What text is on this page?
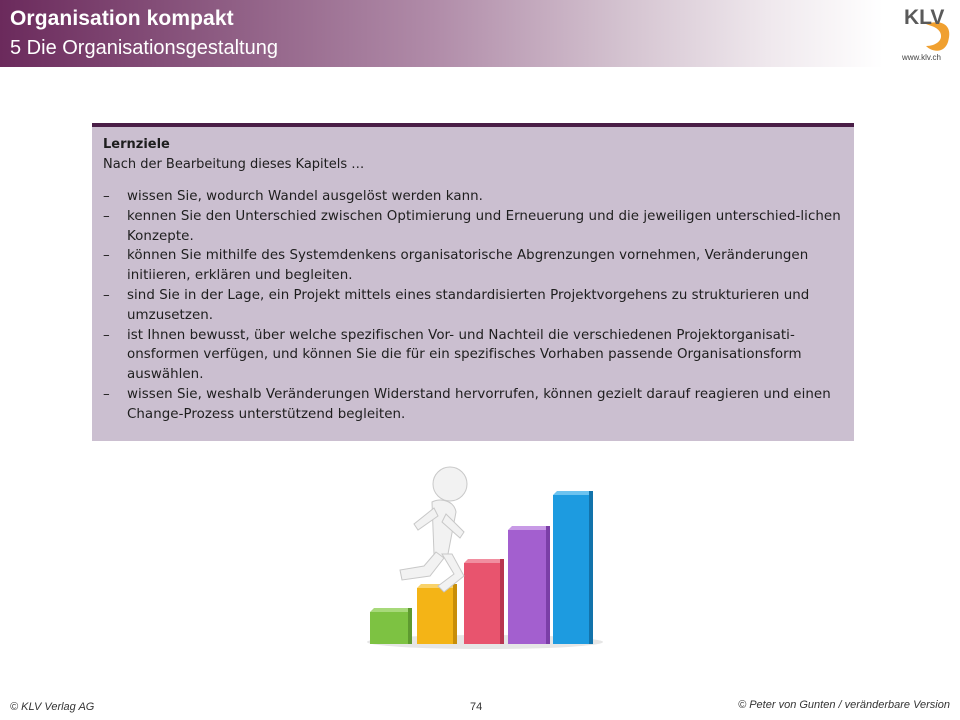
Organisation kompakt
5 Die Organisationsgestaltung
KLV
www.klv.ch
Lernziele
Nach der Bearbeitung dieses Kapitels …
– wissen Sie, wodurch Wandel ausgelöst werden kann.
– kennen Sie den Unterschied zwischen Optimierung und Erneuerung und die jeweiligen unterschied-lichen Konzepte.
– können Sie mithilfe des Systemdenkens organisatorische Abgrenzungen vornehmen, Veränderungen initiieren, erklären und begleiten.
– sind Sie in der Lage, ein Projekt mittels eines standardisierten Projektvorgehens zu strukturieren und umzusetzen.
– ist Ihnen bewusst, über welche spezifischen Vor- und Nachteil die verschiedenen Projektorganisati-onsformen verfügen, und können Sie die für ein spezifisches Vorhaben passende Organisationsform auswählen.
– wissen Sie, weshalb Veränderungen Widerstand hervorrufen, können gezielt darauf reagieren und einen Change-Prozess unterstützend begleiten.
© KLV Verlag AG	74	© Peter von Gunten / veränderbare Version
